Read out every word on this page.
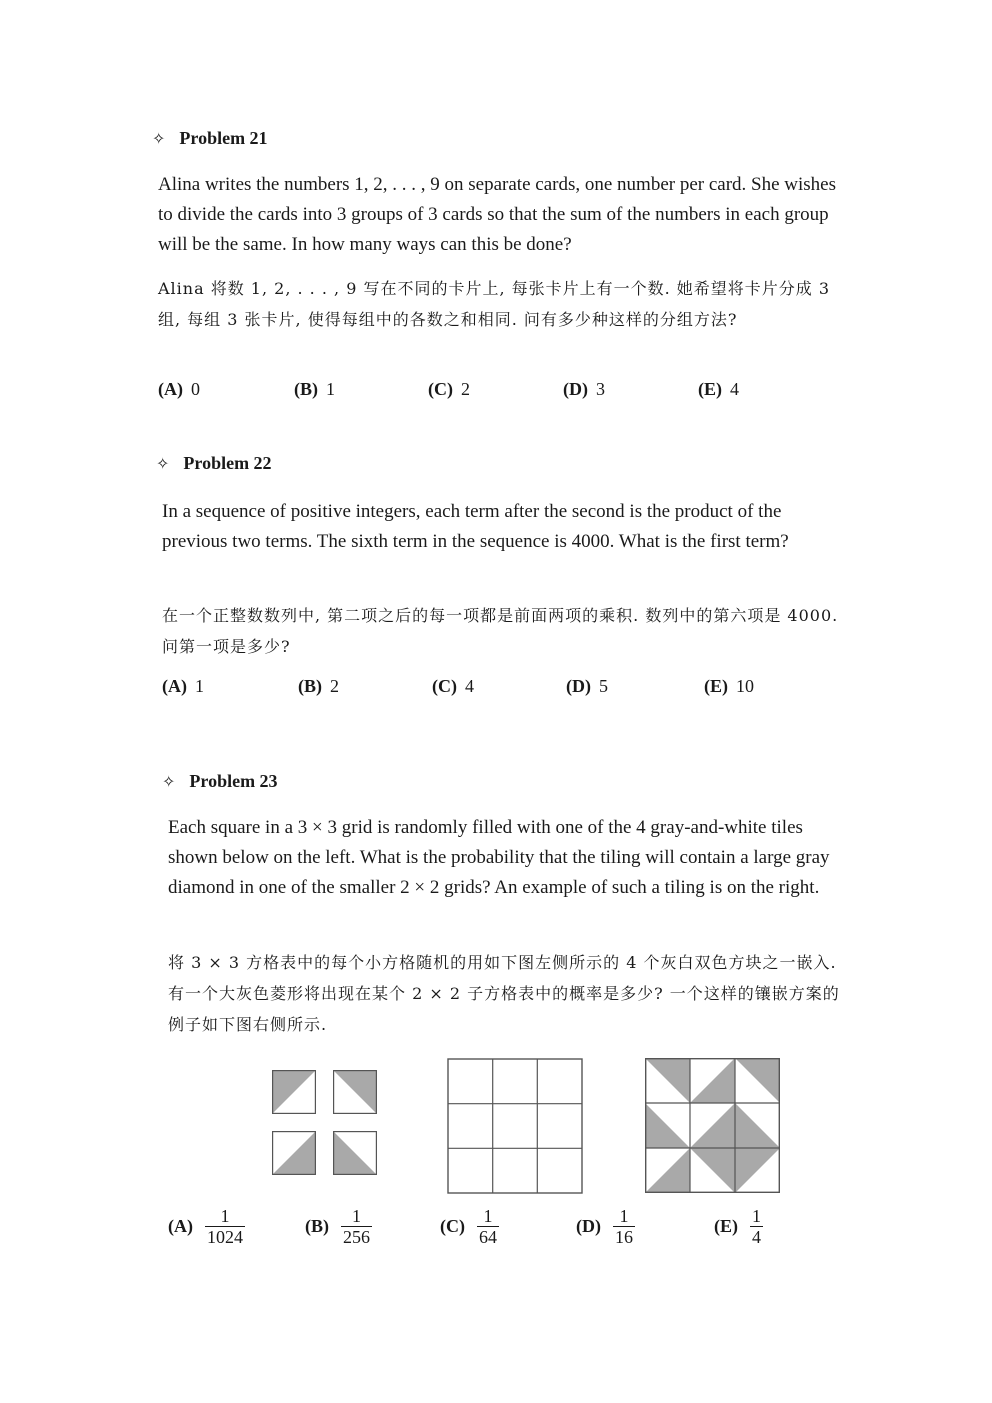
✧ Problem 21

Alina writes the numbers 1, 2, . . . , 9 on separate cards, one number per card. She wishes to divide the cards into 3 groups of 3 cards so that the sum of the numbers in each group will be the same. In how many ways can this be done?

Alina 将数 1, 2, . . . , 9 写在不同的卡片上, 每张卡片上有一个数. 她希望将卡片分成 3 组, 每组 3 张卡片, 使得每组中的各数之和相同. 问有多少种这样的分组方法?

(A) 0	(B) 1	(C) 2	(D) 3	(E) 4
✧ Problem 22

In a sequence of positive integers, each term after the second is the product of the previous two terms. The sixth term in the sequence is 4000. What is the first term?

在一个正整数数列中, 第二项之后的每一项都是前面两项的乘积. 数列中的第六项是 4000. 问第一项是多少?

(A) 1	(B) 2	(C) 4	(D) 5	(E) 10
✧ Problem 23

Each square in a 3 × 3 grid is randomly filled with one of the 4 gray-and-white tiles shown below on the left. What is the probability that the tiling will contain a large gray diamond in one of the smaller 2 × 2 grids? An example of such a tiling is on the right.

将 3 × 3 方格表中的每个小方格随机的用如下图左侧所示的 4 个灰白双色方块之一嵌入. 有一个大灰色菱形将出现在某个 2 × 2 子方格表中的概率是多少? 一个这样的镶嵌方案的例子如下图右侧所示.

$(A) \frac{1}{1024}$	$(B) \frac{1}{256}$	$(C) \frac{1}{64}$	$(D) \frac{1}{16}$	$(E) \frac{1}{4}$
